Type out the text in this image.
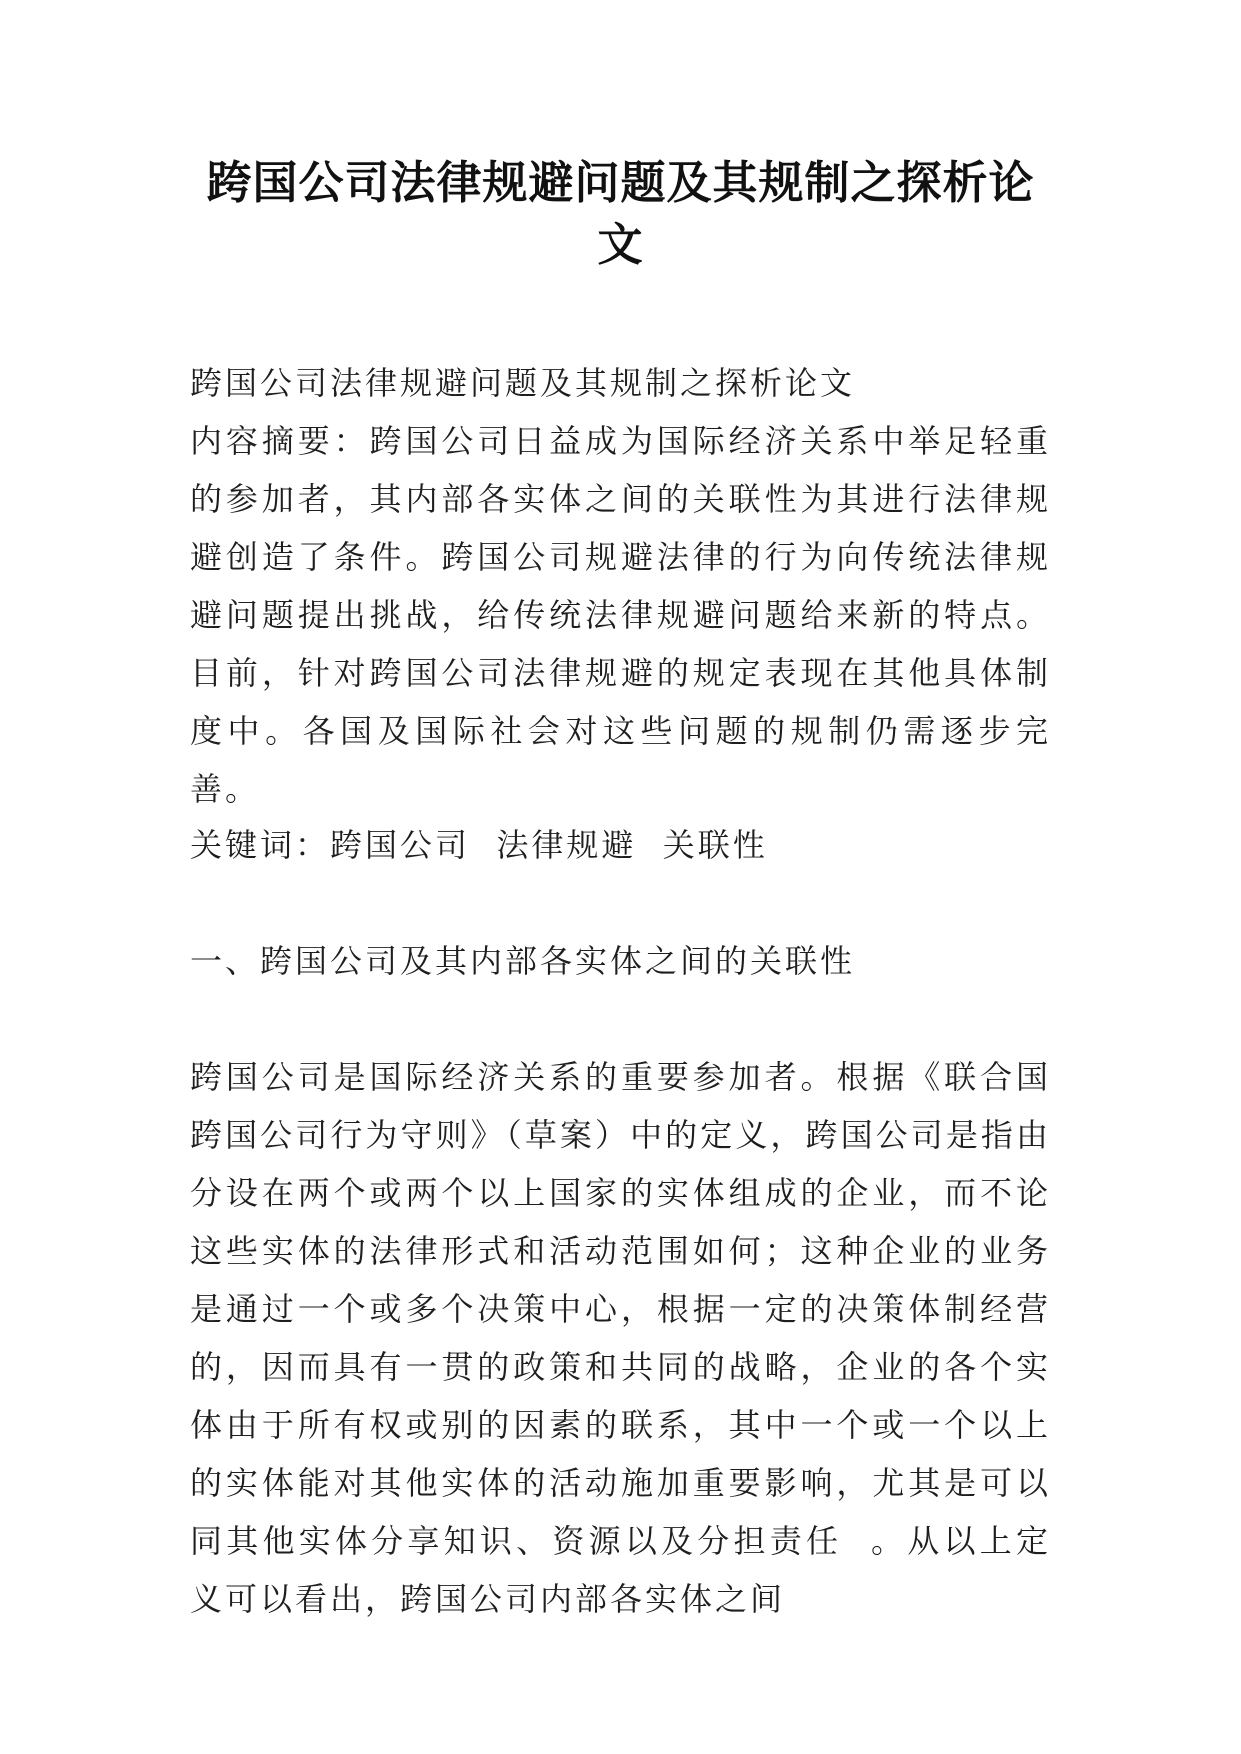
跨国公司法律规避问题及其规制之探析论文

跨国公司法律规避问题及其规制之探析论文

内容摘要：跨国公司日益成为国际经济关系中举足轻重的参加者，其内部各实体之间的关联性为其进行法律规避创造了条件。跨国公司规避法律的行为向传统法律规避问题提出挑战，给传统法律规避问题给来新的特点。目前，针对跨国公司法律规避的规定表现在其他具体制度中。各国及国际社会对这些问题的规制仍需逐步完善。

关键词：跨国公司  法律规避  关联性

一、跨国公司及其内部各实体之间的关联性

跨国公司是国际经济关系的重要参加者。根据《联合国跨国公司行为守则》（草案）中的定义，跨国公司是指由分设在两个或两个以上国家的实体组成的企业，而不论这些实体的法律形式和活动范围如何；这种企业的业务是通过一个或多个决策中心，根据一定的决策体制经营的，因而具有一贯的政策和共同的战略，企业的各个实体由于所有权或别的因素的联系，其中一个或一个以上的实体能对其他实体的活动施加重要影响，尤其是可以同其他实体分享知识、资源以及分担责任  。从以上定义可以看出，跨国公司内部各实体之间
